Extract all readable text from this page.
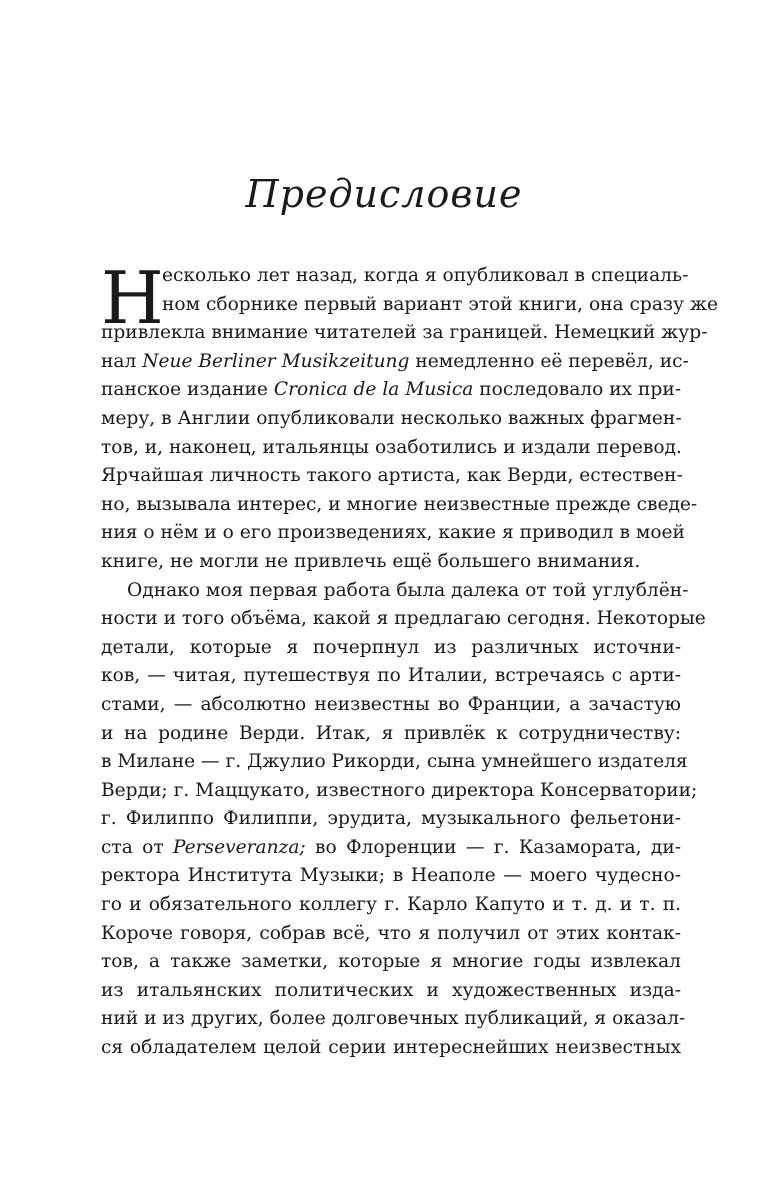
Предисловие
Н
есколько лет назад, когда я опубликовал в специаль-
ном сборнике первый вариант этой книги, она сразу же
привлекла внимание читателей за границей. Немецкий жур-
нал Neue Berliner Musikzeitung немедленно её перевёл, ис-
панское издание Cronica de la Musica последовало их при-
меру, в Англии опубликовали несколько важных фрагмен-
тов, и, наконец, итальянцы озаботились и издали перевод.
Ярчайшая личность такого артиста, как Верди, естествен-
но, вызывала интерес, и многие неизвестные прежде сведе-
ния о нём и о его произведениях, какие я приводил в моей
книге, не могли не привлечь ещё большего внимания.
Однако моя первая работа была далека от той углублён-
ности и того объёма, какой я предлагаю сегодня. Некоторые
детали, которые я почерпнул из различных источни-
ков, — читая, путешествуя по Италии, встречаясь с арти-
стами, — абсолютно неизвестны во Франции, а зачастую
и на родине Верди. Итак, я привлёк к сотрудничеству:
в Милане — г. Джулио Рикорди, сына умнейшего издателя
Верди; г. Маццукато, известного директора Консерватории;
г. Филиппо Филиппи, эрудита, музыкального фельетони-
ста от Perseveranza; во Флоренции — г. Казамората, ди-
ректора Института Музыки; в Неаполе — моего чудесно-
го и обязательного коллегу г. Карло Капуто и т. д. и т. п.
Короче говоря, собрав всё, что я получил от этих контак-
тов, а также заметки, которые я многие годы извлекал
из итальянских политических и художественных изда-
ний и из других, более долговечных публикаций, я оказал-
ся обладателем целой серии интереснейших неизвестных
